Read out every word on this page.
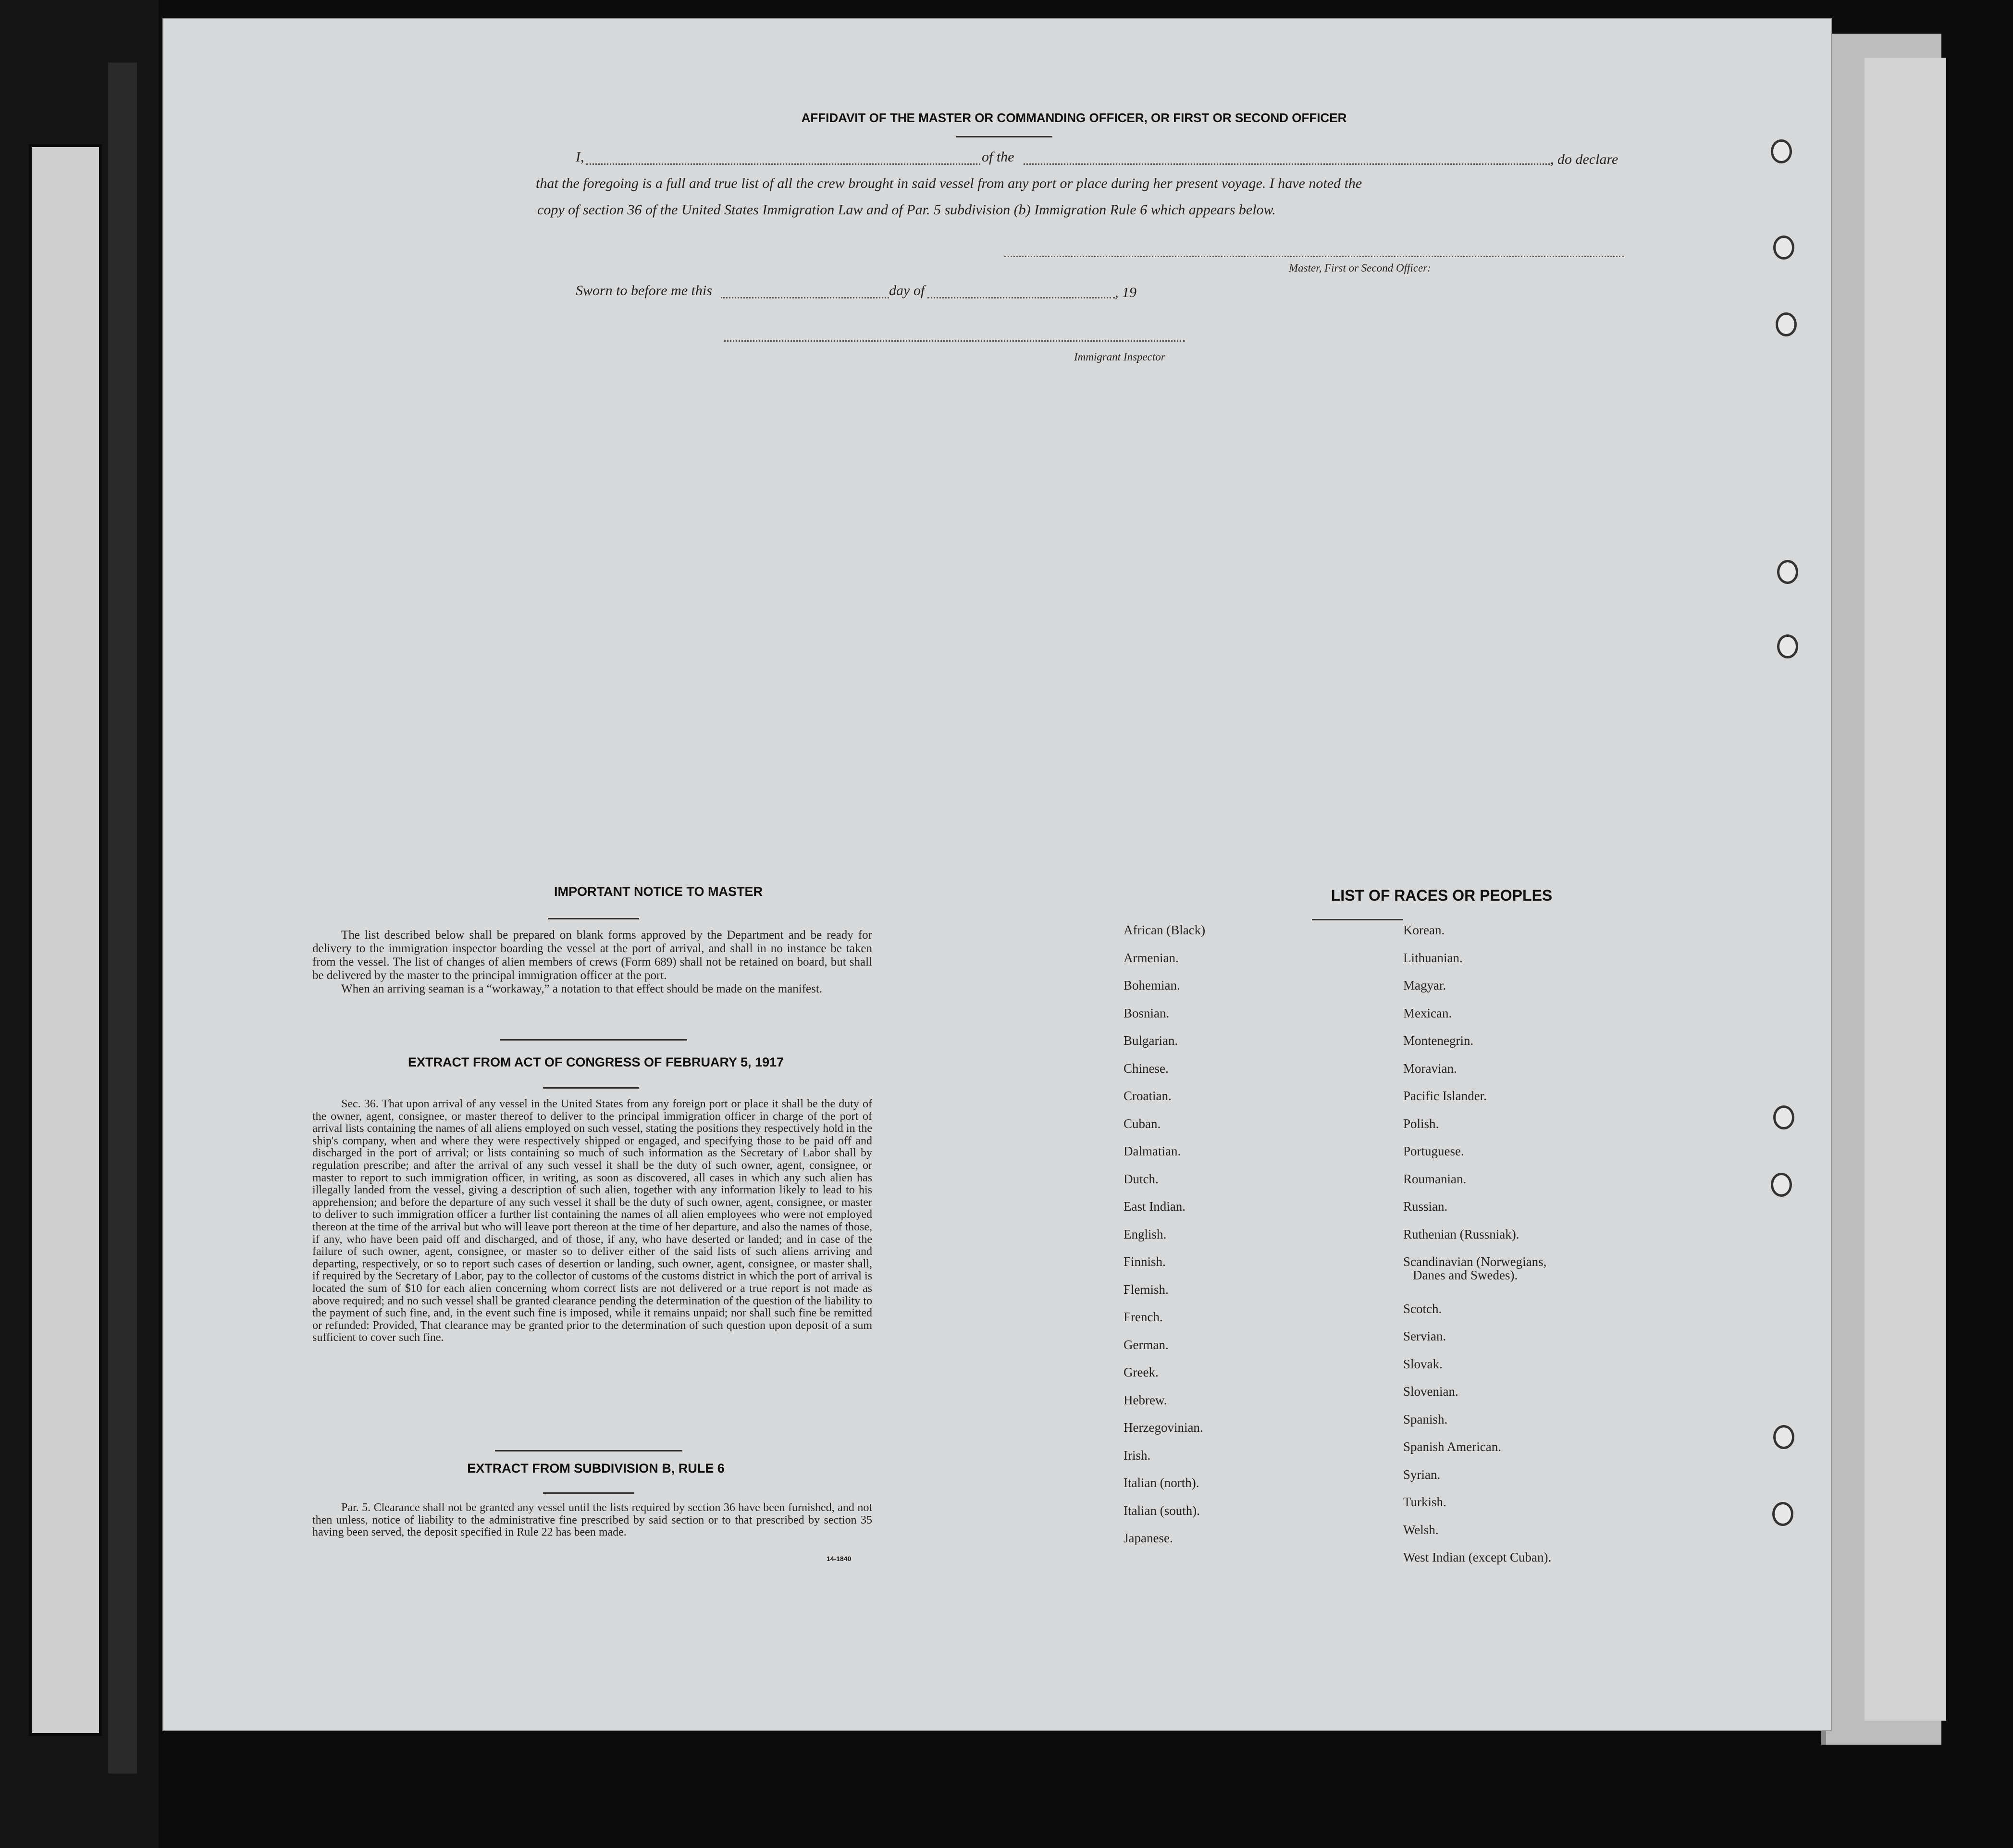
AFFIDAVIT OF THE MASTER OR COMMANDING OFFICER, OR FIRST OR SECOND OFFICER
I,	of the	, do declare
that the foregoing is a full and true list of all the crew brought in said vessel from any port or place during her present voyage. I have noted the
copy of section 36 of the United States Immigration Law and of Par. 5 subdivision (b) Immigration Rule 6 which appears below.
Master, First or Second Officer:
Sworn to before me this	day of	, 19
Immigrant Inspector
IMPORTANT NOTICE TO MASTER

The list described below shall be prepared on blank forms approved by the Department and be ready for delivery to the immigration inspector boarding the vessel at the port of arrival, and shall in no instance be taken from the vessel. The list of changes of alien members of crews (Form 689) shall not be retained on board, but shall be delivered by the master to the principal immigration officer at the port.

When an arriving seaman is a “workaway,” a notation to that effect should be made on the manifest.

EXTRACT FROM ACT OF CONGRESS OF FEBRUARY 5, 1917

Sec. 36. That upon arrival of any vessel in the United States from any foreign port or place it shall be the duty of the owner, agent, consignee, or master thereof to deliver to the principal immigration officer in charge of the port of arrival lists containing the names of all aliens employed on such vessel, stating the positions they respectively hold in the ship's company, when and where they were respectively shipped or engaged, and specifying those to be paid off and discharged in the port of arrival; or lists containing so much of such information as the Secretary of Labor shall by regulation prescribe; and after the arrival of any such vessel it shall be the duty of such owner, agent, consignee, or master to report to such immigration officer, in writing, as soon as discovered, all cases in which any such alien has illegally landed from the vessel, giving a description of such alien, together with any information likely to lead to his apprehension; and before the departure of any such vessel it shall be the duty of such owner, agent, consignee, or master to deliver to such immigration officer a further list containing the names of all alien employees who were not employed thereon at the time of the arrival but who will leave port thereon at the time of her departure, and also the names of those, if any, who have been paid off and discharged, and of those, if any, who have deserted or landed; and in case of the failure of such owner, agent, consignee, or master so to deliver either of the said lists of such aliens arriving and departing, respectively, or so to report such cases of desertion or landing, such owner, agent, consignee, or master shall, if required by the Secretary of Labor, pay to the collector of customs of the customs district in which the port of arrival is located the sum of $10 for each alien concerning whom correct lists are not delivered or a true report is not made as above required; and no such vessel shall be granted clearance pending the determination of the question of the liability to the payment of such fine, and, in the event such fine is imposed, while it remains unpaid; nor shall such fine be remitted or refunded: Provided, That clearance may be granted prior to the determination of such question upon deposit of a sum sufficient to cover such fine.

EXTRACT FROM SUBDIVISION B, RULE 6

Par. 5. Clearance shall not be granted any vessel until the lists required by section 36 have been furnished, and not then unless, notice of liability to the administrative fine prescribed by said section or to that prescribed by section 35 having been served, the deposit specified in Rule 22 has been made.

14-1840
LIST OF RACES OR PEOPLES
African (Black)
Armenian.
Bohemian.
Bosnian.
Bulgarian.
Chinese.
Croatian.
Cuban.
Dalmatian.
Dutch.
East Indian.
English.
Finnish.
Flemish.
French.
German.
Greek.
Hebrew.
Herzegovinian.
Irish.
Italian (north).
Italian (south).
Japanese.
Korean.
Lithuanian.
Magyar.
Mexican.
Montenegrin.
Moravian.
Pacific Islander.
Polish.
Portuguese.
Roumanian.
Russian.
Ruthenian (Russniak).
Scandinavian (Norwegians,
Danes and Swedes).
Scotch.
Servian.
Slovak.
Slovenian.
Spanish.
Spanish American.
Syrian.
Turkish.
Welsh.
West Indian (except Cuban).
